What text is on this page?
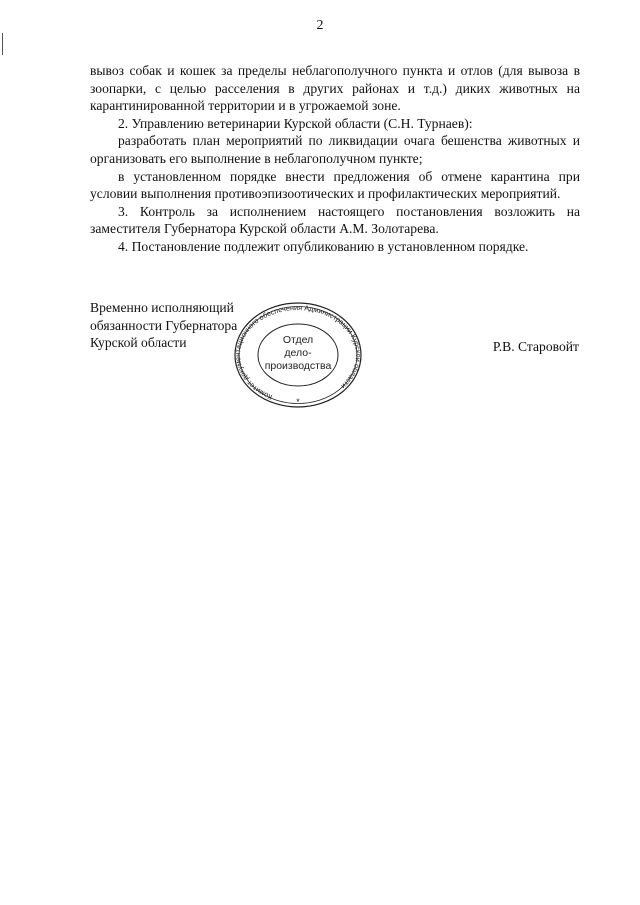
2

вывоз собак и кошек за пределы неблагополучного пункта и отлов (для вывоза в зоопарки, с целью расселения в других районах и т.д.) диких животных на карантинированной территории и в угрожаемой зоне.

2. Управлению ветеринарии Курской области (С.Н. Турнаев):

разработать план мероприятий по ликвидации очага бешенства животных и организовать его выполнение в неблагополучном пункте;

в установленном порядке внести предложения об отмене карантина при условии выполнения противоэпизоотических и профилактических мероприятий.

3. Контроль за исполнением настоящего постановления возложить на заместителя Губернатора Курской области А.М. Золотарева.

4. Постановление подлежит опубликованию в установленном порядке.

Временно исполняющий
обязанности Губернатора
Курской области
Комитет документационного обеспечения Администрации Курской области
Отдел
дело-
производства
*
Р.В. Старовойт
